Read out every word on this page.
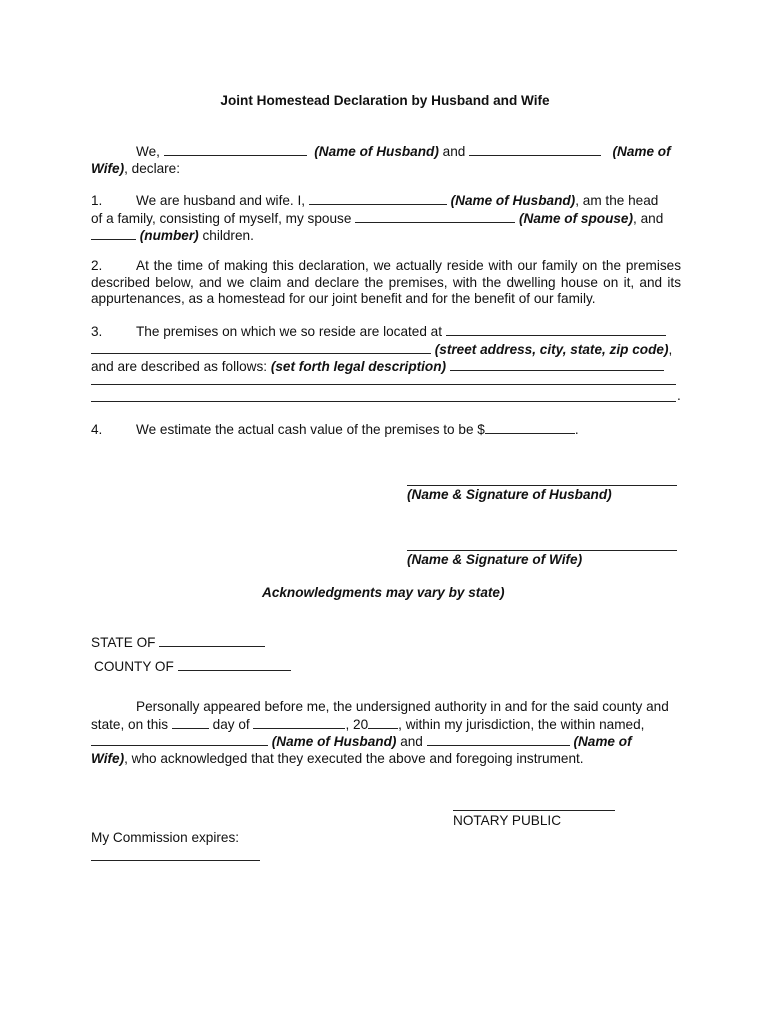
Joint Homestead Declaration by Husband and Wife
We,	(Name of Husband) and	(Name of
Wife), declare:
1. We are husband and wife. I,	(Name of Husband), am the head
of a family, consisting of myself, my spouse	(Name of spouse), and
(number) children.
2. At the time of making this declaration, we actually reside with our family on the premises described below, and we claim and declare the premises, with the dwelling house on it, and its appurtenances, as a homestead for our joint benefit and for the benefit of our family.
3. The premises on which we so reside are located at
(street address, city, state, zip code),
and are described as follows: (set forth legal description)
.
4. We estimate the actual cash value of the premises to be $	.
(Name & Signature of Husband)
(Name & Signature of Wife)
Acknowledgments may vary by state)
STATE OF
COUNTY OF
Personally appeared before me, the undersigned authority in and for the said county and
state, on this	day of	, 20 , within my jurisdiction, the within named,
(Name of Husband) and	(Name of
Wife), who acknowledged that they executed the above and foregoing instrument.
NOTARY PUBLIC
My Commission expires:
